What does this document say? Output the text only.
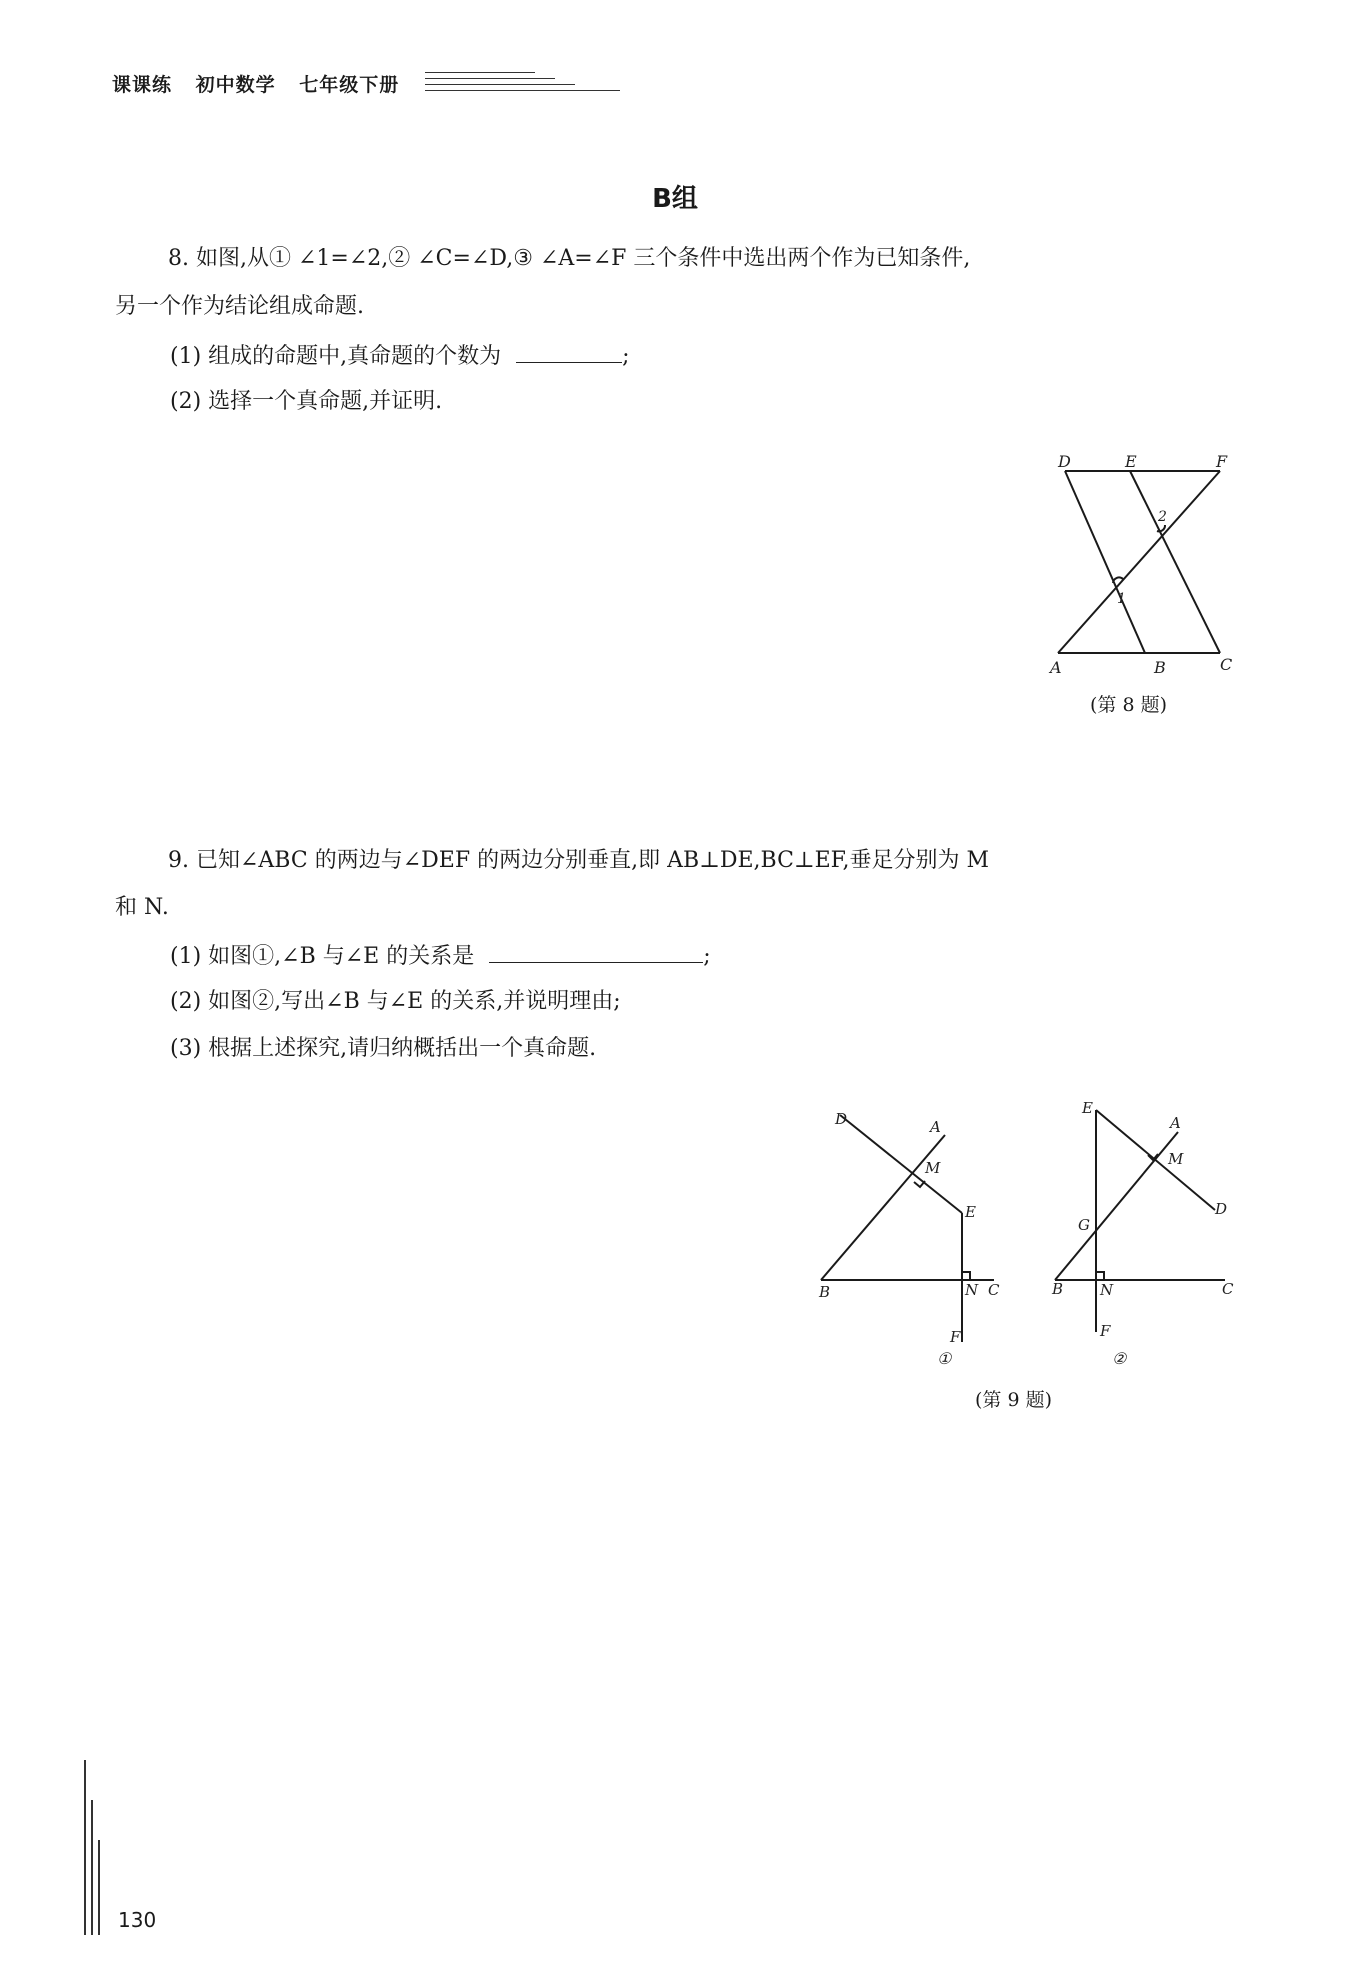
课课练 初中数学 七年级下册
B组
8. 如图,从① ∠1=∠2,② ∠C=∠D,③ ∠A=∠F 三个条件中选出两个作为已知条件,
另一个作为结论组成命题.
(1) 组成的命题中,真命题的个数为	;
(2) 选择一个真命题,并证明.
D	E	F
A	B	C
1
2
(第 8 题)
9. 已知∠ABC 的两边与∠DEF 的两边分别垂直,即 AB⊥DE,BC⊥EF,垂足分别为 M
和 N.
(1) 如图①,∠B 与∠E 的关系是	;
(2) 如图②,写出∠B 与∠E 的关系,并说明理由;
(3) 根据上述探究,请归纳概括出一个真命题.
D	A
M
E
B	N C
F
①
E
A
M
D
G
B N	C
F
②
(第 9 题)
130
